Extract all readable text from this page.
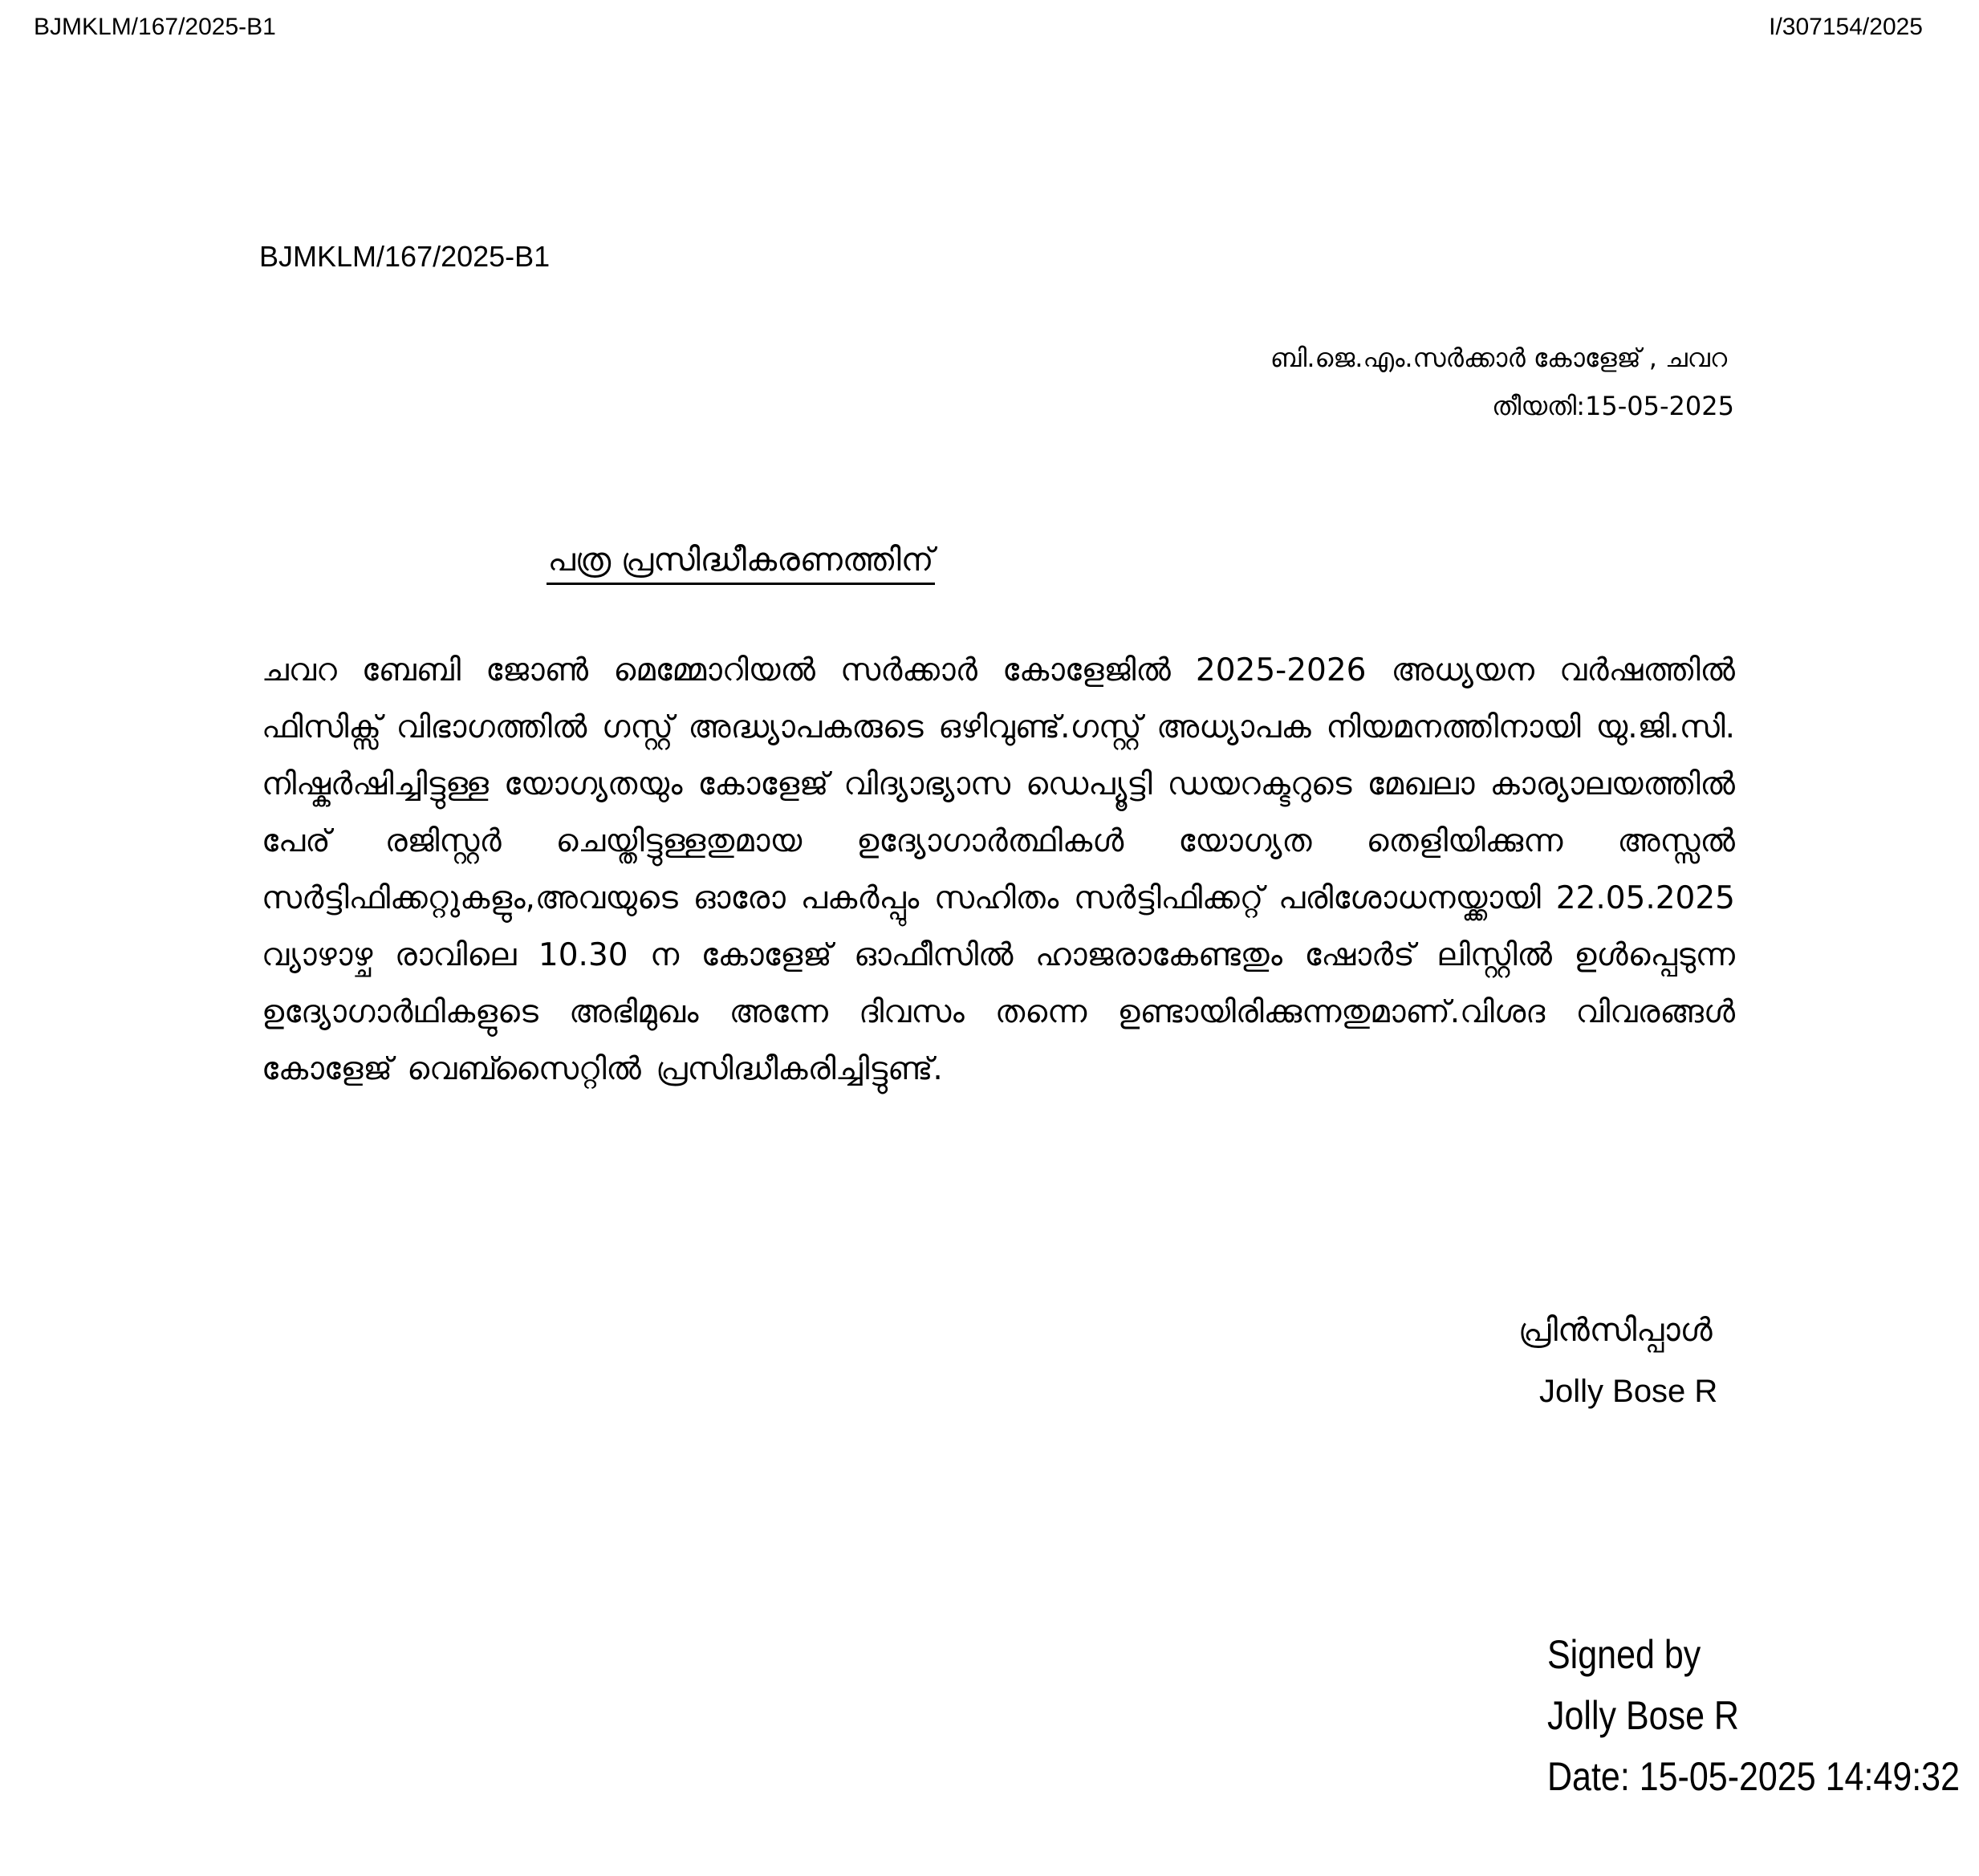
BJMKLM/167/2025-B1	I/307154/2025
BJMKLM/167/2025-B1
ബി.ജെ.എം.സർക്കാർ കോളേജ് , ചവറ
തീയതി:15-05-2025
പത്ര പ്രസിദ്ധീകരണത്തിന്
ചവറ ബേബി ജോൺ മെമ്മോറിയൽ സർക്കാർ കോളേജിൽ 2025-2026 അധ്യയന വർഷത്തിൽ ഫിസിക്സ് വിഭാഗത്തിൽ ഗസ്റ്റ് അദ്ധ്യാപകരുടെ ഒഴിവുണ്ട്.ഗസ്റ്റ് അധ്യാപക നിയമനത്തിനായി യു.ജി.സി. നിഷ്കർഷിച്ചിട്ടുള്ള യോഗ്യതയും കോളേജ് വിദ്യാഭ്യാസ ഡെപ്യൂട്ടി ഡയറക്ടറുടെ മേഖലാ കാര്യാലയത്തിൽ പേര് രജിസ്റ്റർ ചെയ്തിട്ടുള്ളതുമായ ഉദ്യോഗാർത്ഥികൾ യോഗ്യത തെളിയിക്കുന്ന അസ്സൽ സർട്ടിഫിക്കറ്റുകളും,അവയുടെ ഓരോ പകർപ്പും സഹിതം സർട്ടിഫിക്കറ്റ് പരിശോധനയ്ക്കായി 22.05.2025 വ്യാഴാഴ്ച രാവിലെ 10.30 ന കോളേജ് ഓഫീസിൽ ഹാജരാകേണ്ടതും ഷോർട് ലിസ്റ്റിൽ ഉൾപ്പെടുന്ന ഉദ്യോഗാർഥികളുടെ അഭിമുഖം അന്നേ ദിവസം തന്നെ ഉണ്ടായിരിക്കുന്നതുമാണ്.വിശദ വിവരങ്ങൾ കോളേജ് വെബ്സൈറ്റിൽ പ്രസിദ്ധീകരിച്ചിട്ടുണ്ട്.
പ്രിൻസിപ്പാൾ
Jolly Bose R
Signed by
Jolly Bose R
Date: 15-05-2025 14:49:32
